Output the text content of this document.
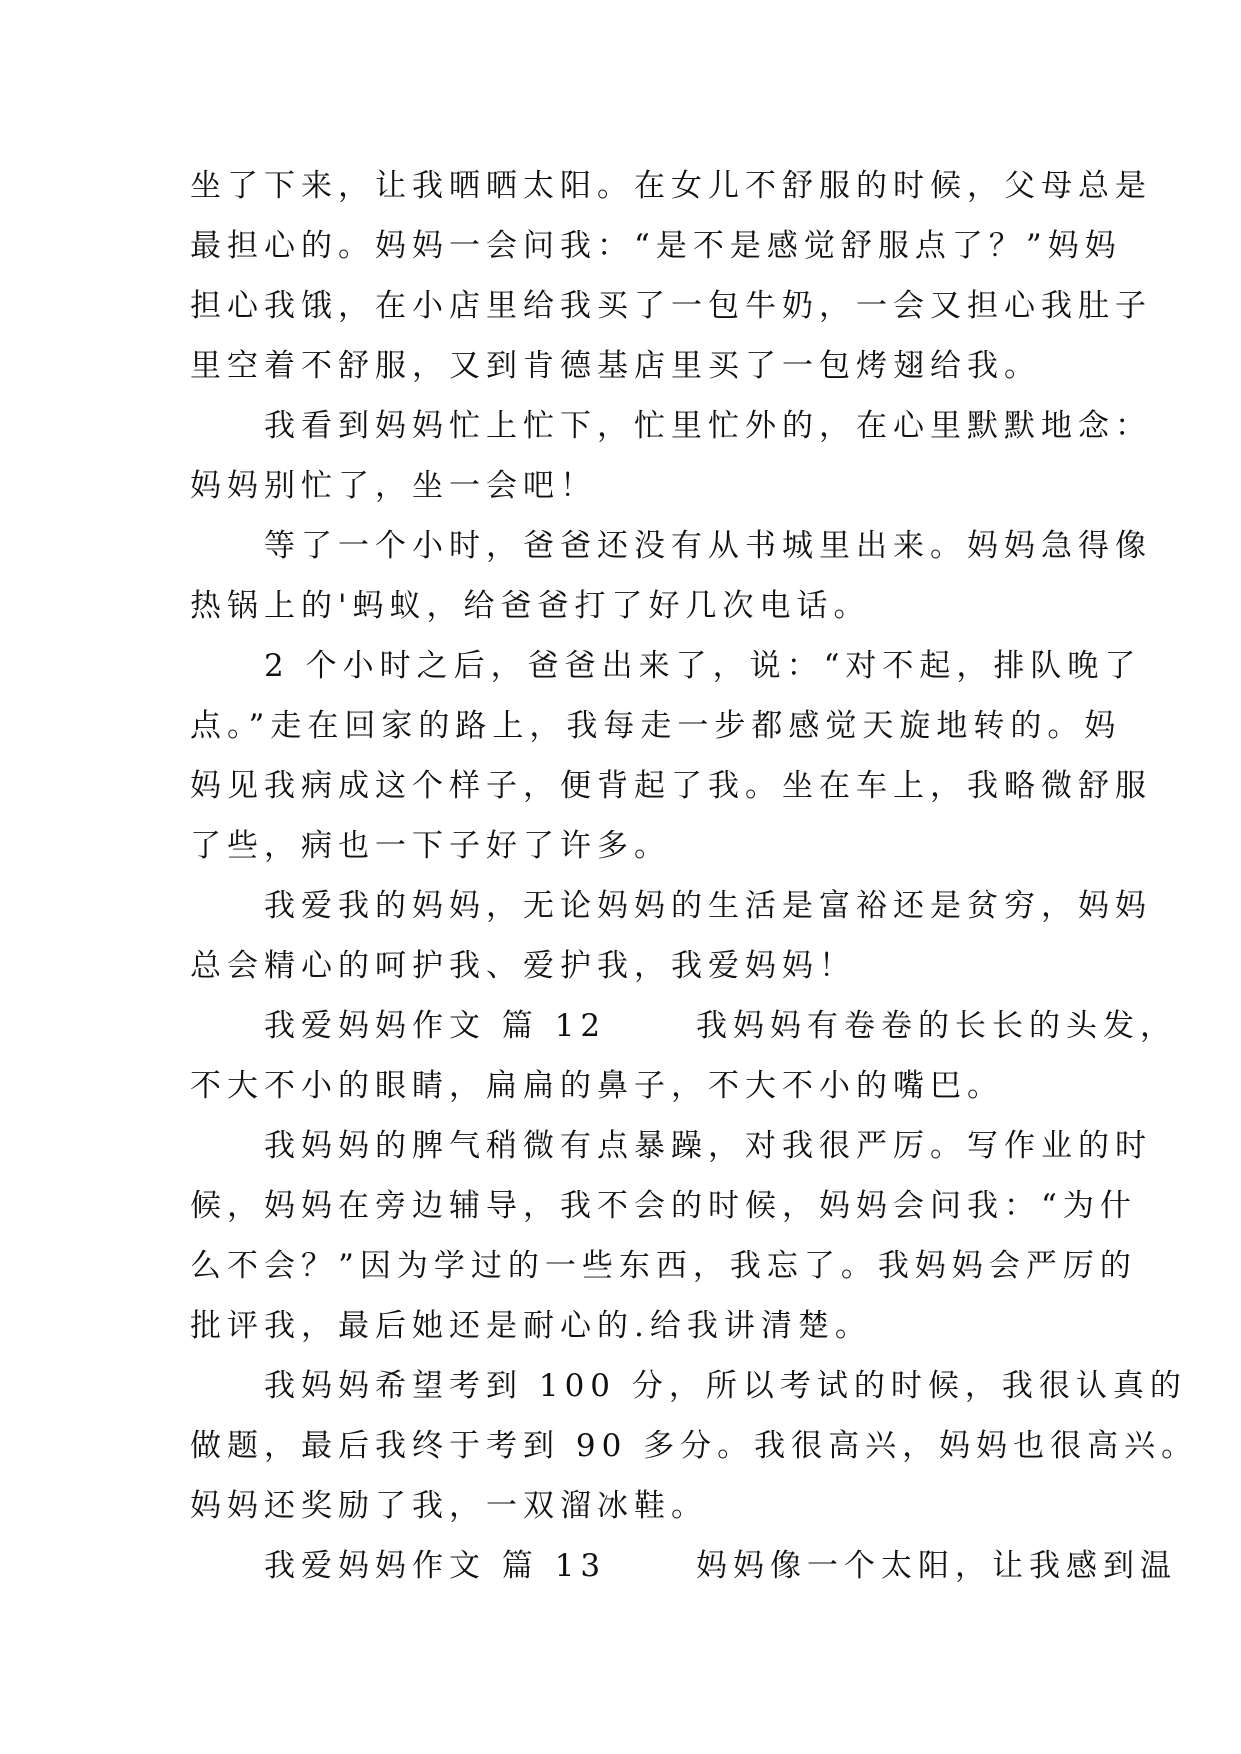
坐了下来，让我晒晒太阳。在女儿不舒服的时候，父母总是
最担心的。妈妈一会问我：“是不是感觉舒服点了？”妈妈
担心我饿，在小店里给我买了一包牛奶，一会又担心我肚子
里空着不舒服，又到肯德基店里买了一包烤翅给我。
　　我看到妈妈忙上忙下，忙里忙外的，在心里默默地念：
妈妈别忙了，坐一会吧！
　　等了一个小时，爸爸还没有从书城里出来。妈妈急得像
热锅上的'蚂蚁，给爸爸打了好几次电话。
　　2 个小时之后，爸爸出来了，说：“对不起，排队晚了
点。”走在回家的路上，我每走一步都感觉天旋地转的。妈
妈见我病成这个样子，便背起了我。坐在车上，我略微舒服
了些，病也一下子好了许多。
　　我爱我的妈妈，无论妈妈的生活是富裕还是贫穷，妈妈
总会精心的呵护我、爱护我，我爱妈妈！
　　我爱妈妈作文 篇 12　　 我妈妈有卷卷的长长的头发，
不大不小的眼睛，扁扁的鼻子，不大不小的嘴巴。
　　我妈妈的脾气稍微有点暴躁，对我很严厉。写作业的时
候，妈妈在旁边辅导，我不会的时候，妈妈会问我：“为什
么不会？”因为学过的一些东西，我忘了。我妈妈会严厉的
批评我，最后她还是耐心的.给我讲清楚。
　　我妈妈希望考到 100 分，所以考试的时候，我很认真的
做题，最后我终于考到 90 多分。我很高兴，妈妈也很高兴。
妈妈还奖励了我，一双溜冰鞋。
　　我爱妈妈作文 篇 13　　 妈妈像一个太阳，让我感到温
